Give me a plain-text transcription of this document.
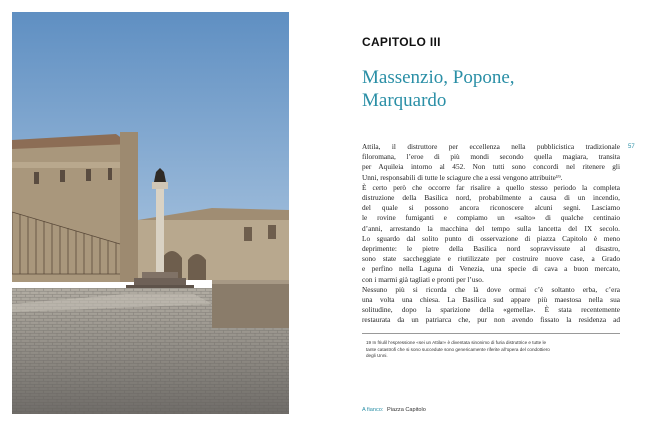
CAPITOLO III
Massenzio, Popone,
Marquardo
57
Attila, il distruttore per eccellenza nella pubblicistica tradizionale
filoromana, l’eroe di più mondi secondo quella magiara, transita
per Aquileia intorno al 452. Non tutti sono concordi nel ritenere gli
Unni, responsabili di tutte le sciagure che a essi vengono attribuite¹⁹.
È certo però che occorre far risalire a quello stesso periodo la completa
distruzione della Basilica nord, probabilmente a causa di un incendio,
del quale si possono ancora riconoscere alcuni segni. Lasciamo
le rovine fumiganti e compiamo un «salto» di qualche centinaio
d’anni, arrestando la macchina del tempo sulla lancetta del IX secolo.
Lo sguardo dal solito punto di osservazione di piazza Capitolo è meno
deprimente: le pietre della Basilica nord sopravvissute al disastro,
sono state saccheggiate e riutilizzate per costruire nuove case, a Grado
e perfino nella Laguna di Venezia, una specie di cava a buon mercato,
con i marmi già tagliati e pronti per l’uso.
Nessuno più si ricorda che là dove ormai c’è soltanto erba, c’era
una volta una chiesa. La Basilica sud appare più maestosa nella sua
solitudine, dopo la sparizione della «gemella». È stata recentemente
restaurata da un patriarca che, pur non avendo fissato la residenza ad
19 In friulil l’espressione «sei un Attila!» è diventata sinonimo di furia distruttrice e tutte le
tante catastrofi che si sono succedute sono genericamente riferite all’opera del condottiero
degli Unni.
A fianco: Piazza Capitolo
